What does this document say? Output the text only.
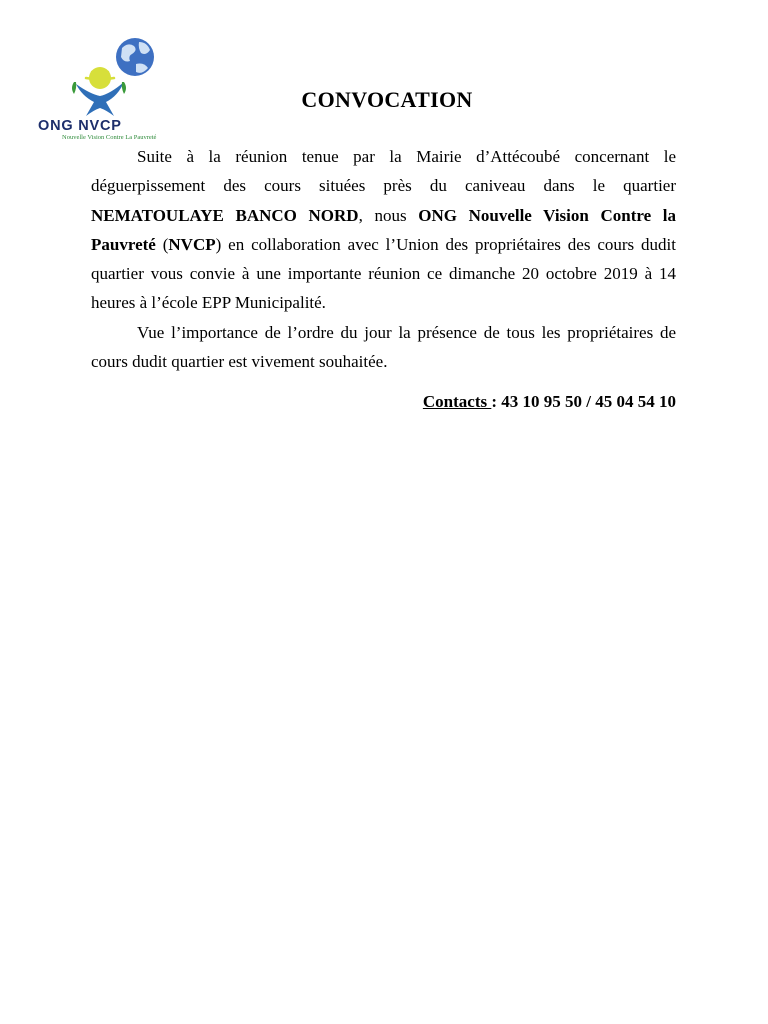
ONG NVCP
Nouvelle Vision Contre La Pauvreté
CONVOCATION

Suite à la réunion tenue par la Mairie d’Attécoubé concernant le déguerpissement des cours situées près du caniveau dans le quartier NEMATOULAYE BANCO NORD, nous ONG Nouvelle Vision Contre la Pauvreté (NVCP) en collaboration avec l’Union des propriétaires des cours dudit quartier vous convie à une importante réunion ce dimanche 20 octobre 2019 à 14 heures à l’école EPP Municipalité.

Vue l’importance de l’ordre du jour la présence de tous les propriétaires de cours dudit quartier est vivement souhaitée.

Contacts : 43 10 95 50 / 45 04 54 10
